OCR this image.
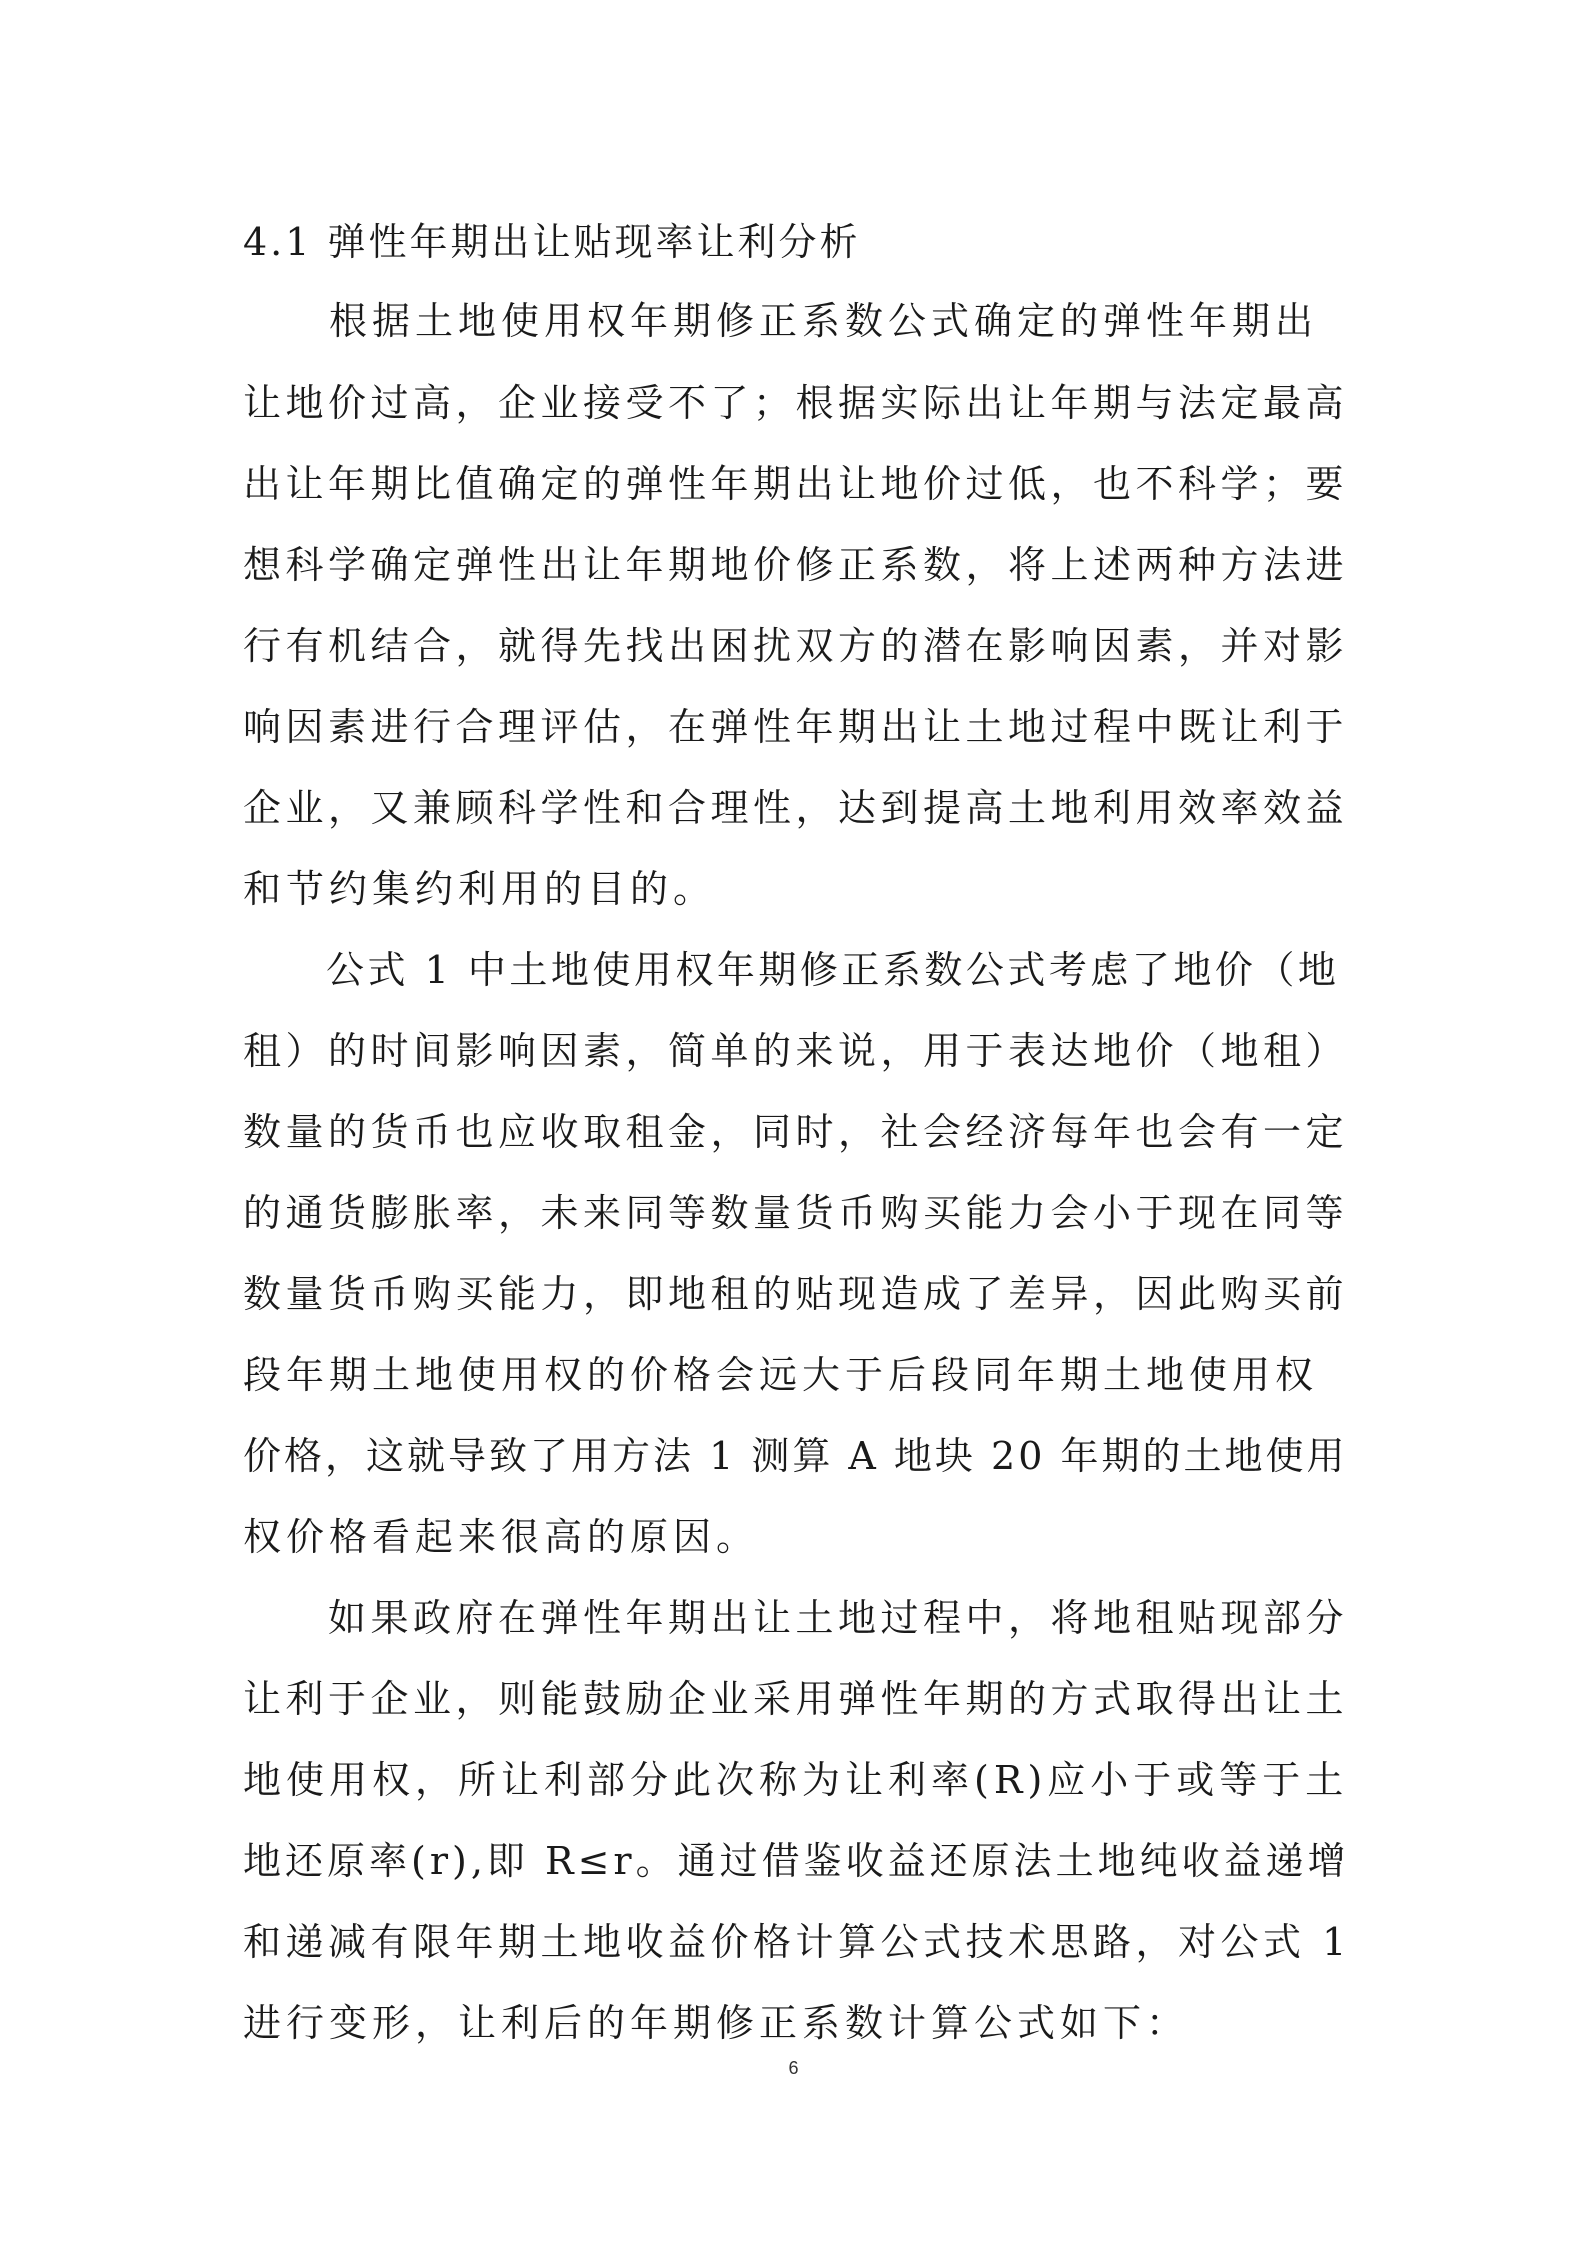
4.1 弹性年期出让贴现率让利分析
　　根据土地使用权年期修正系数公式确定的弹性年期出
让地价过高，企业接受不了；根据实际出让年期与法定最高
出让年期比值确定的弹性年期出让地价过低，也不科学；要
想科学确定弹性出让年期地价修正系数，将上述两种方法进
行有机结合，就得先找出困扰双方的潜在影响因素，并对影
响因素进行合理评估，在弹性年期出让土地过程中既让利于
企业，又兼顾科学性和合理性，达到提高土地利用效率效益
和节约集约利用的目的。
　　公式 1 中土地使用权年期修正系数公式考虑了地价（地
租）的时间影响因素，简单的来说，用于表达地价（地租）
数量的货币也应收取租金，同时，社会经济每年也会有一定
的通货膨胀率，未来同等数量货币购买能力会小于现在同等
数量货币购买能力，即地租的贴现造成了差异，因此购买前
段年期土地使用权的价格会远大于后段同年期土地使用权
价格，这就导致了用方法 1 测算 A 地块 20 年期的土地使用
权价格看起来很高的原因。
　　如果政府在弹性年期出让土地过程中，将地租贴现部分
让利于企业，则能鼓励企业采用弹性年期的方式取得出让土
地使用权，所让利部分此次称为让利率(R)应小于或等于土
地还原率(r),即 R≤r。通过借鉴收益还原法土地纯收益递增
和递减有限年期土地收益价格计算公式技术思路，对公式 1
进行变形，让利后的年期修正系数计算公式如下：
6
